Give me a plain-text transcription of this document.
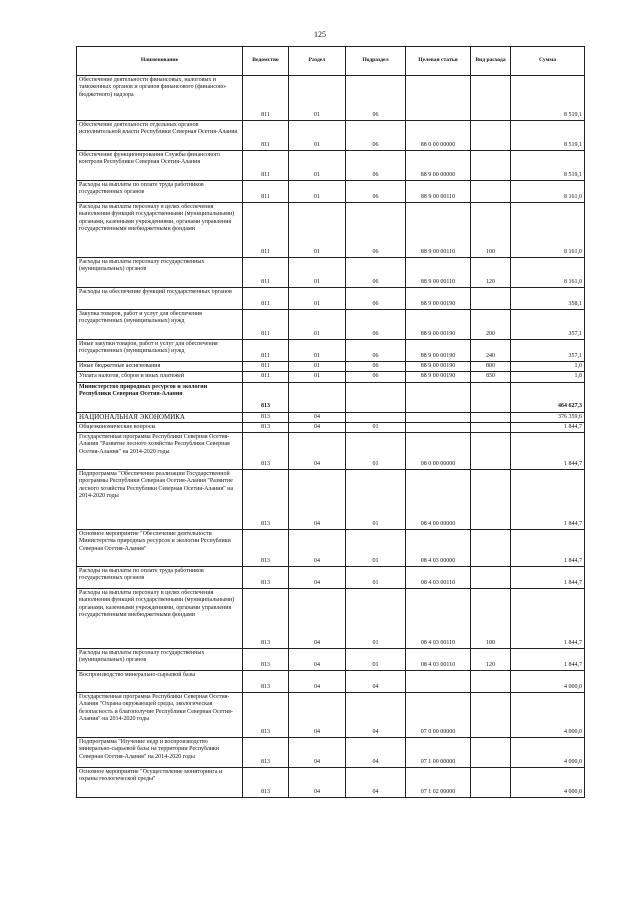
125
Наименование	Ведомство	Раздел	Подраздел	Целевая статья	Вид расхода	Сумма
Обеспечение деятельности финансовых, налоговых и таможенных органов и органов финансового (финансово-бюджетного) надзора	811	01	06			8 519,1
Обеспечение деятельности отдельных органов исполнительной власти Республики Северная Осетия-Алания	811	01	06	88 0 00 00000		8 519,1
Обеспечение функционирования Службы финансового контроля Республики Северная Осетия-Алания	811	01	06	88 9 00 00000		8 519,1
Расходы на выплаты по оплате труда работников государственных органов	811	01	06	88 9 00 00110		8 161,0
Расходы на выплаты персоналу в целях обеспечения выполнения функций государственными (муниципальными) органами, казенными учреждениями, органами управления государственными внебюджетными фондами	811	01	06	88 9 00 00110	100	8 161,0
Расходы на выплаты персоналу государственных (муниципальных) органов	811	01	06	88 9 00 00110	120	8 161,0
Расходы на обеспечение функций государственных органов	811	01	06	88 9 00 00190		358,1
Закупка товаров, работ и услуг для обеспечения государственных (муниципальных) нужд	811	01	06	88 9 00 00190	200	357,1
Иные закупки товаров, работ и услуг для обеспечения государственных (муниципальных) нужд	811	01	06	88 9 00 00190	240	357,1
Иные бюджетные ассигнования	811	01	06	88 9 00 00190	800	1,0
Уплата налогов, сборов и иных платежей	811	01	06	88 9 00 00190	850	1,0
Министерство природных ресурсов и экологии Республики Северная Осетия-Алания	813					464 627,3
НАЦИОНАЛЬНАЯ ЭКОНОМИКА	813	04				376 359,6
Общеэкономические вопросы	813	04	01			1 844,7
Государственная программа Республики Северная Осетия-Алания "Развитие лесного хозяйства Республики Северная Осетия-Алания" на 2014-2020 годы	813	04	01	08 0 00 00000		1 844,7
Подпрограмма "Обеспечение реализации Государственной программы Республики Северная Осетия-Алания "Развитие лесного хозяйства Республики Северная Осетия-Алания" на 2014-2020 годы	813	04	01	08 4 00 00000		1 844,7
Основное мероприятие "Обеспечение деятельности Министерства природных ресурсов и экологии Республики Северная Осетия-Алания"	813	04	01	08 4 03 00000		1 844,7
Расходы на выплаты по оплате труда работников государственных органов	813	04	01	08 4 03 00110		1 844,7
Расходы на выплаты персоналу в целях обеспечения выполнения функций государственными (муниципальными) органами, казенными учреждениями, органами управления государственными внебюджетными фондами	813	04	01	08 4 03 00110	100	1 844,7
Расходы на выплаты персоналу государственных (муниципальных) органов	813	04	01	08 4 03 00110	120	1 844,7
Воспроизводство минерально-сырьевой базы	813	04	04			4 000,0
Государственная программа Республики Северная Осетия-Алания "Охрана окружающей среды, экологическая безопасность и благополучие Республики Северная Осетия-Алания" на 2014-2020 годы	813	04	04	07 0 00 00000		4 000,0
Подпрограмма "Изучение недр и воспроизводство минерально-сырьевой базы на территории Республики Северная Осетия-Алания" на 2014-2020 годы	813	04	04	07 1 00 00000		4 000,0
Основное мероприятие "Осуществление мониторинга и охраны геологической среды"	813	04	04	07 1 02 00000		4 000,0
